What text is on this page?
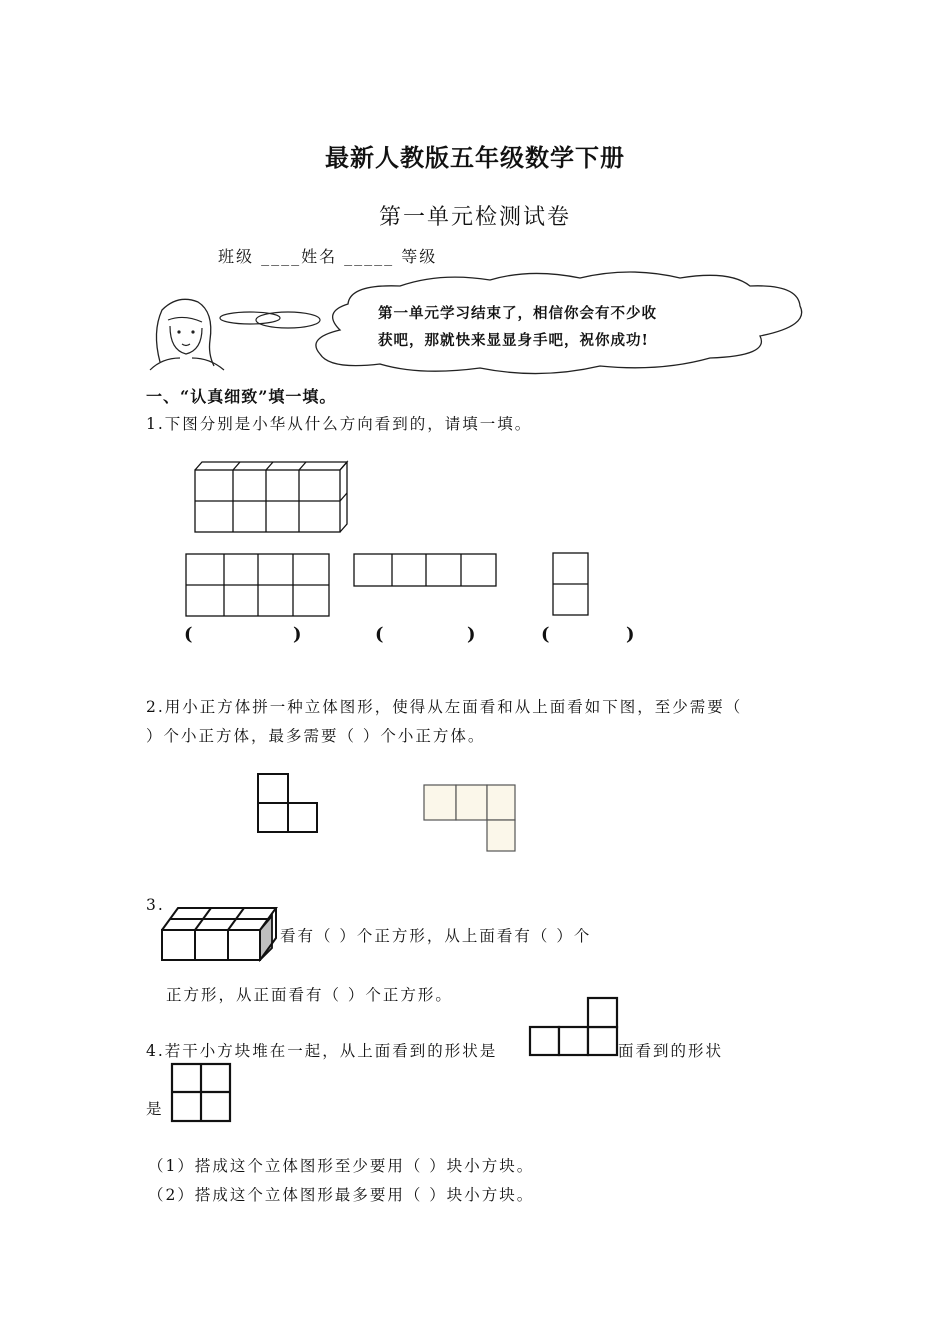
最新人教版五年级数学下册
第一单元检测试卷
班级 ____姓名 _____ 等级
第一单元学习结束了，相信你会有不少收
获吧，那就快来显显身手吧，祝你成功!
一、“认真细致”填一填。
1.下图分别是小华从什么方向看到的，请填一填。
(	)	(	)	(	)
2.用小正方体拼一种立体图形，使得从左面看和从上面看如下图，至少需要（
）个小正方体，最多需要（ ）个小正方体。
3.
看有（ ）个正方形，从上面看有（ ）个
正方形，从正面看有（ ）个正方形。
4.若干小方块堆在一起，从上面看到的形状是	面看到的形状
是
（1）搭成这个立体图形至少要用（ ）块小方块。
（2）搭成这个立体图形最多要用（ ）块小方块。
